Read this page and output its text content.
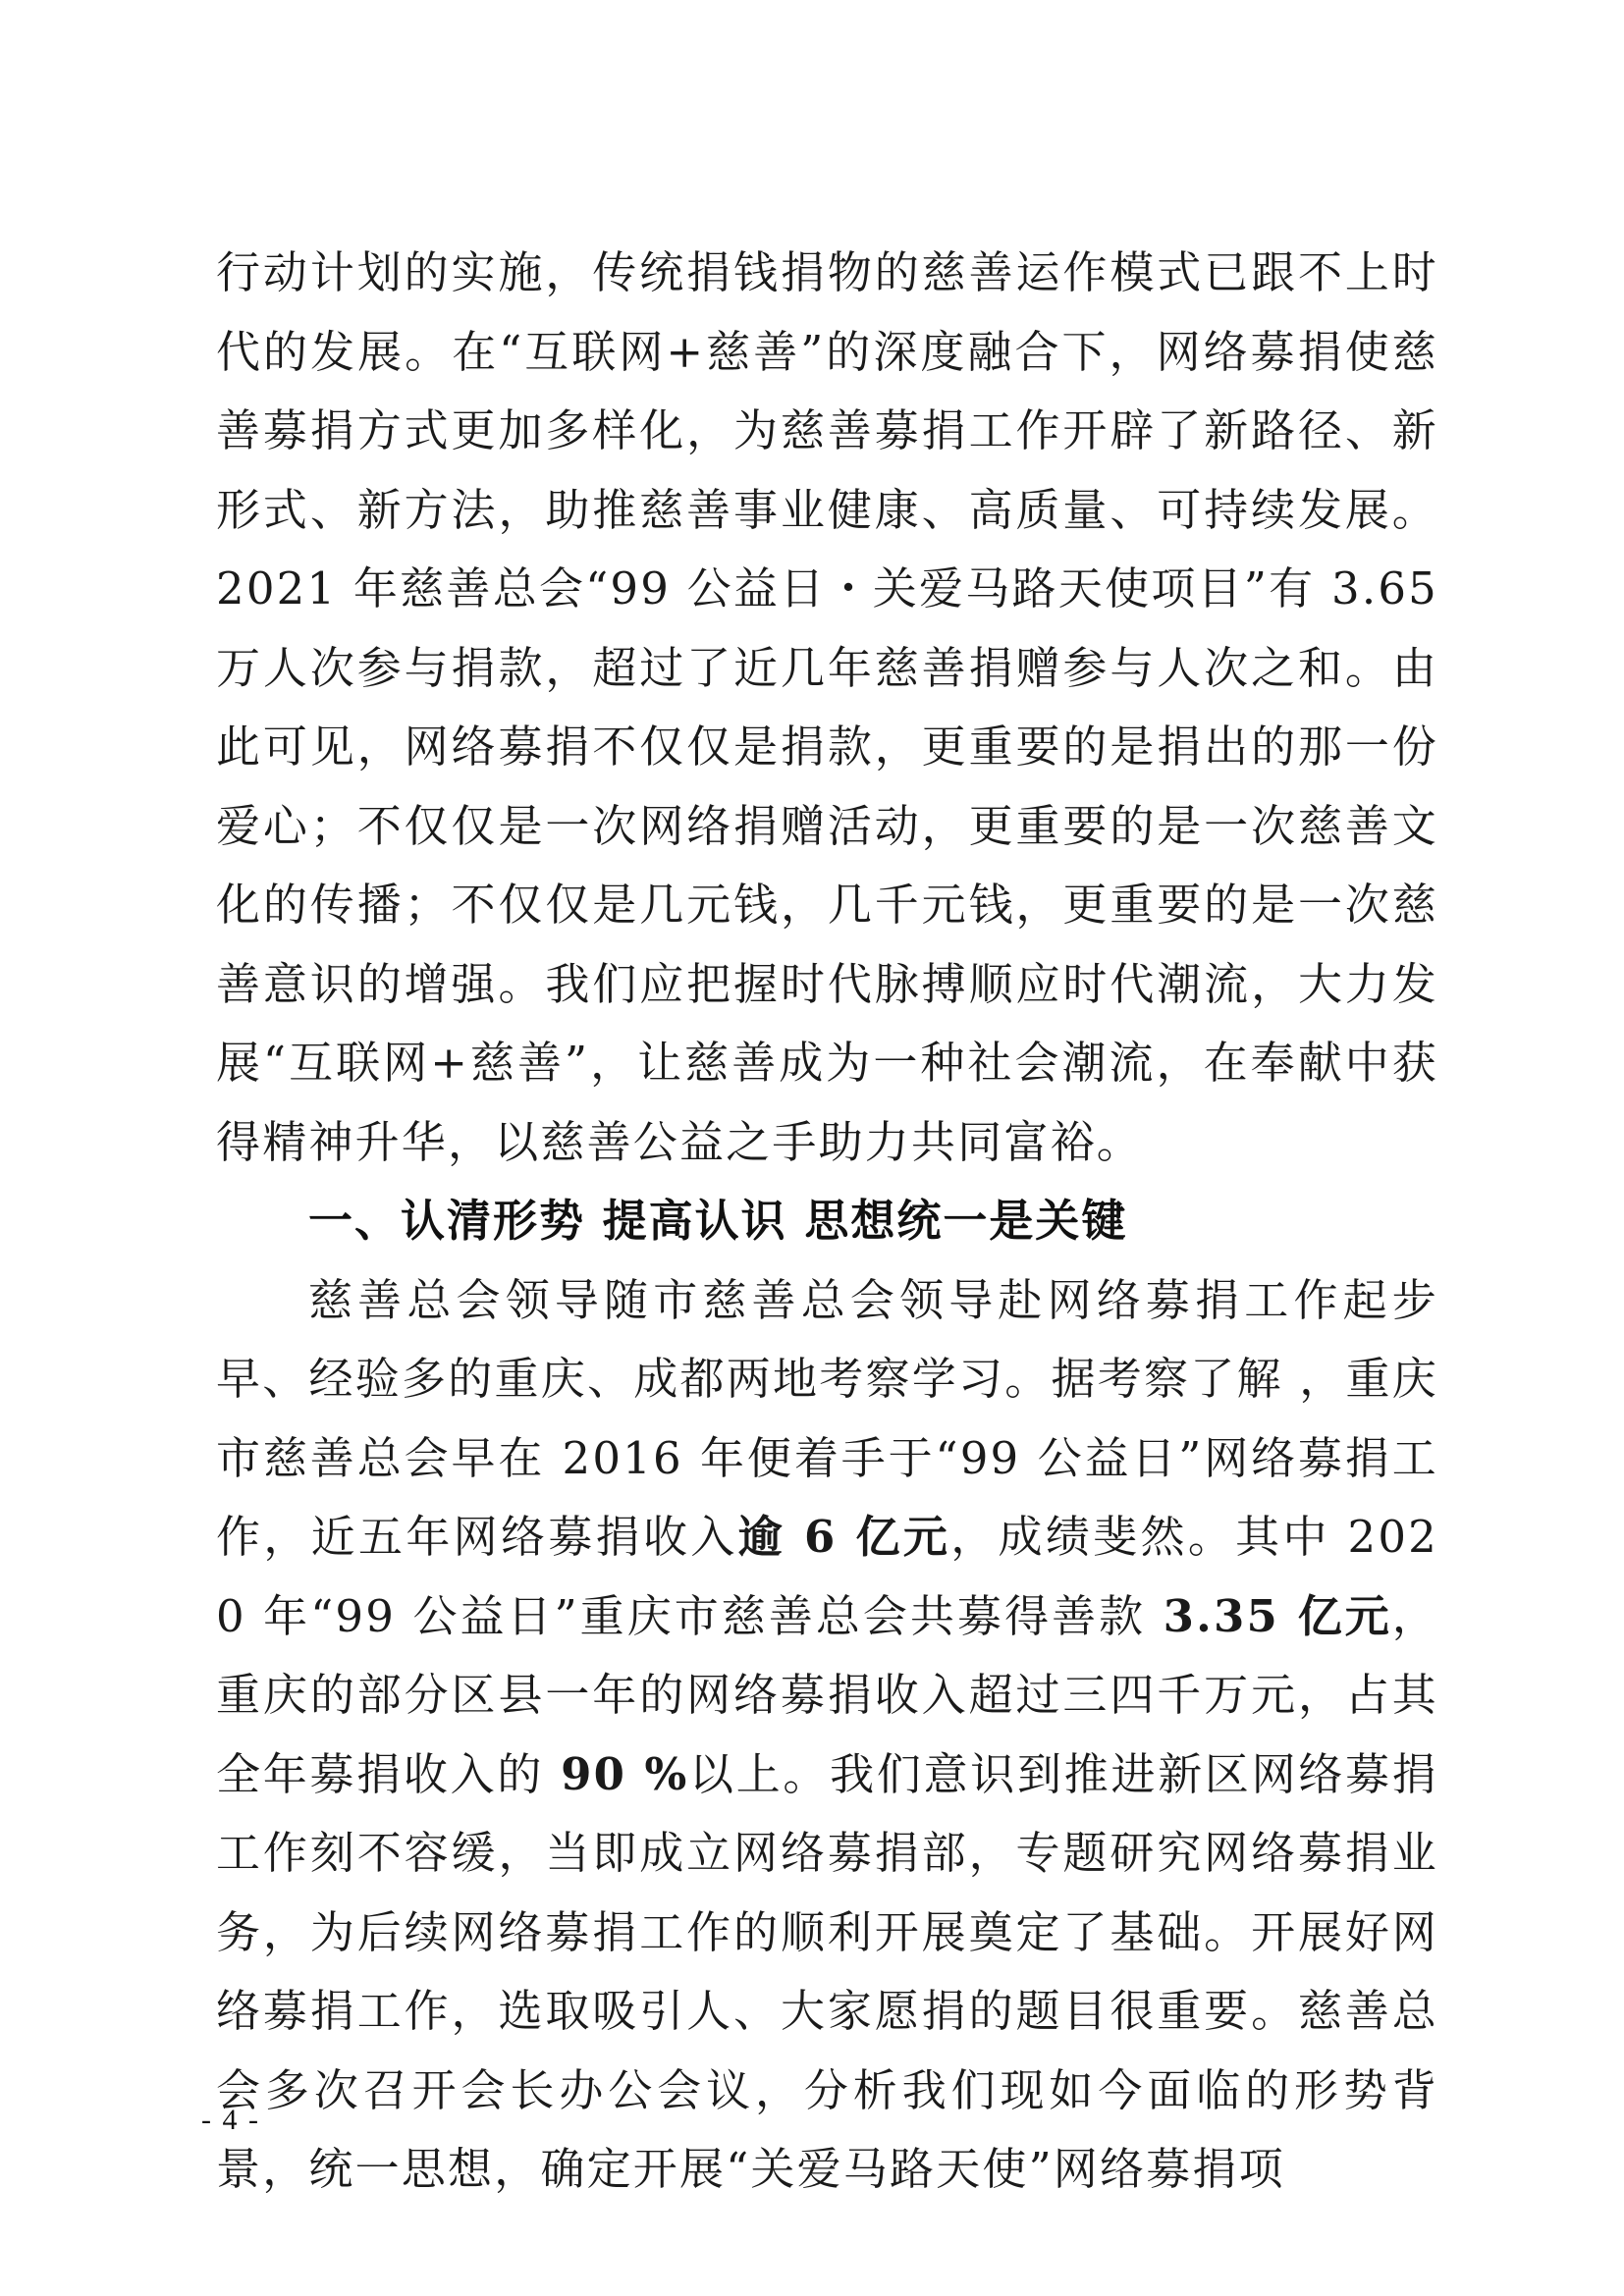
行动计划的实施，传统捐钱捐物的慈善运作模式已跟不上时代的发展。在“互联网+慈善”的深度融合下，网络募捐使慈善募捐方式更加多样化，为慈善募捐工作开辟了新路径、新形式、新方法，助推慈善事业健康、高质量、可持续发展。2021 年慈善总会“99 公益日・关爱马路天使项目”有 3.65 万人次参与捐款，超过了近几年慈善捐赠参与人次之和。由此可见，网络募捐不仅仅是捐款，更重要的是捐出的那一份爱心；不仅仅是一次网络捐赠活动，更重要的是一次慈善文化的传播；不仅仅是几元钱，几千元钱，更重要的是一次慈善意识的增强。我们应把握时代脉搏顺应时代潮流，大力发展“互联网+慈善”，让慈善成为一种社会潮流，在奉献中获得精神升华，以慈善公益之手助力共同富裕。

一、认清形势 提高认识 思想统一是关键

慈善总会领导随市慈善总会领导赴网络募捐工作起步早、经验多的重庆、成都两地考察学习。据考察了解 ，重庆市慈善总会早在 2016 年便着手于“99 公益日”网络募捐工作，近五年网络募捐收入逾 6 亿元，成绩斐然。其中 2020 年“99 公益日”重庆市慈善总会共募得善款 3.35 亿元，重庆的部分区县一年的网络募捐收入超过三四千万元，占其全年募捐收入的 90 %以上。我们意识到推进新区网络募捐工作刻不容缓，当即成立网络募捐部，专题研究网络募捐业务，为后续网络募捐工作的顺利开展奠定了基础。开展好网络募捐工作，选取吸引人、大家愿捐的题目很重要。慈善总会多次召开会长办公会议，分析我们现如今面临的形势背景，统一思想，确定开展“关爱马路天使”网络募捐项

- 4 -
